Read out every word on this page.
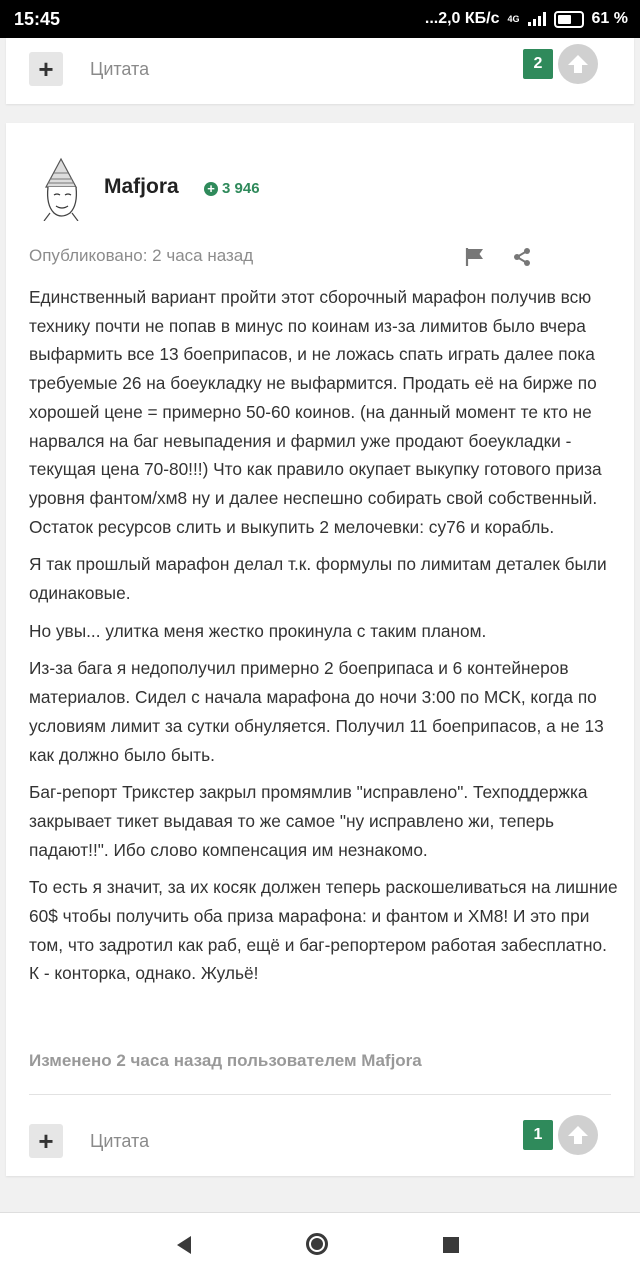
15:45	...2,0 КБ/с 4G	61 %
+	Цитата	2
Mafjora + 3 946
Опубликовано: 2 часа назад

Единственный вариант пройти этот сборочный марафон получив всю технику почти не попав в минус по коинам из-за лимитов было вчера выфармить все 13 боеприпасов, и не ложась спать играть далее пока требуемые 26 на боеукладку не выфармится. Продать её на бирже по хорошей цене = примерно 50-60 коинов. (на данный момент те кто не нарвался на баг невыпадения и фармил уже продают боеукладки - текущая цена 70-80!!!) Что как правило окупает выкупку готового приза уровня фантом/хм8 ну и далее неспешно собирать свой собственный. Остаток ресурсов слить и выкупить 2 мелочевки: су76 и корабль.

Я так прошлый марафон делал т.к. формулы по лимитам деталек были одинаковые.

Но увы... улитка меня жестко прокинула с таким планом.

Из-за бага я недополучил примерно 2 боеприпаса и 6 контейнеров материалов. Сидел с начала марафона до ночи 3:00 по МСК, когда по условиям лимит за сутки обнуляется. Получил 11 боеприпасов, а не 13 как должно было быть.

Баг-репорт Трикстер закрыл промямлив "исправлено". Техподдержка закрывает тикет выдавая то же самое "ну исправлено жи, теперь падают!!". Ибо слово компенсация им незнакомо.

То есть я значит, за их косяк должен теперь раскошеливаться на лишние 60$ чтобы получить оба приза марафона: и фантом и ХМ8! И это при том, что задротил как раб, ещё и баг-репортером работая забесплатно. К - конторка, однако. Жульё!

Изменено 2 часа назад пользователем Mafjora
+	Цитата	1
